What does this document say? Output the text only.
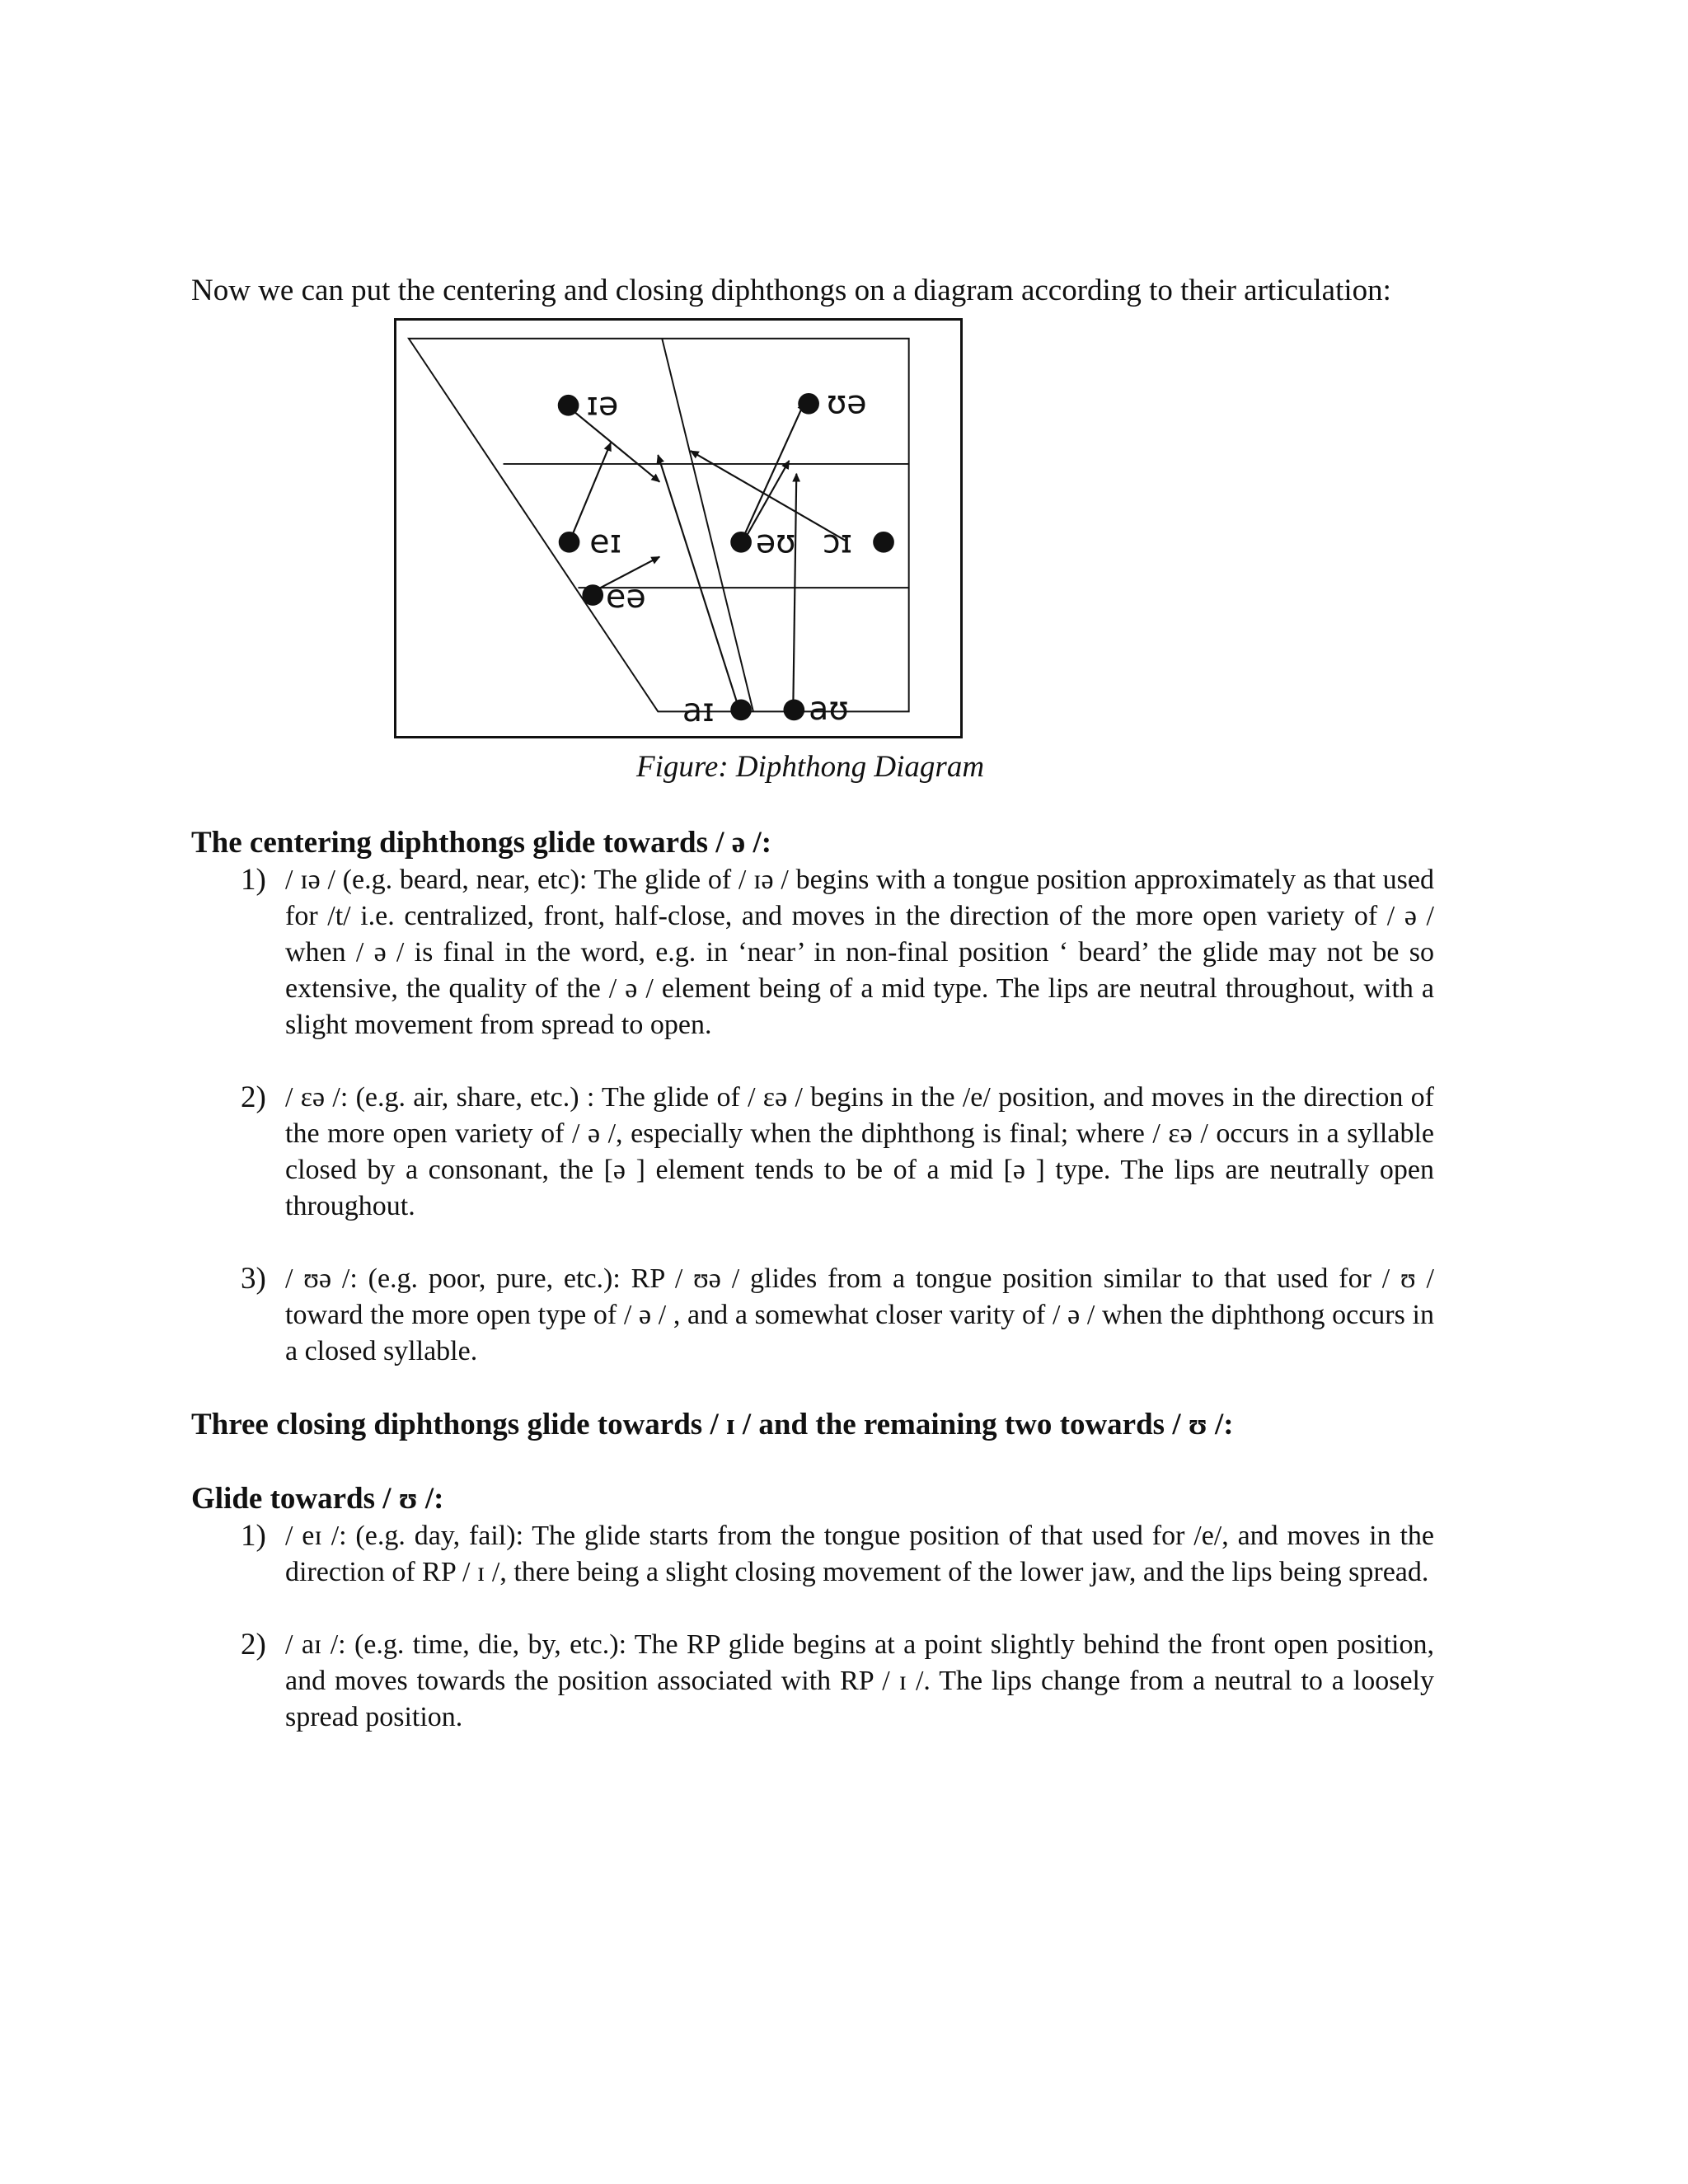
Now we can put the centering and closing diphthongs on a diagram according to their articulation:

ɪə	ʊə
eɪ	əʊ ɔɪ
eə
aɪ	aʊ

Figure: Diphthong Diagram

The centering diphthongs glide towards / ə /:

1) / ɪə / (e.g. beard, near, etc): The glide of / ɪə / begins with a tongue position approximately as that used for /t/ i.e. centralized, front, half-close, and moves in the direction of the more open variety of / ə / when / ə / is final in the word, e.g. in ‘near’ in non-final position ‘ beard’ the glide may not be so extensive, the quality of the / ə / element being of a mid type. The lips are neutral throughout, with a slight movement from spread to open.
2) / ɛə /: (e.g. air, share, etc.) : The glide of / ɛə / begins in the /e/ position, and moves in the direction of the more open variety of / ə /, especially when the diphthong is final; where / ɛə / occurs in a syllable closed by a consonant, the [ə ] element tends to be of a mid [ə ] type. The lips are neutrally open throughout.
3) / ʊə /: (e.g. poor, pure, etc.): RP / ʊə / glides from a tongue position similar to that used for / ʊ / toward the more open type of / ə / , and a somewhat closer varity of / ə / when the diphthong occurs in a closed syllable.

Three closing diphthongs glide towards / ɪ / and the remaining two towards / ʊ /:

Glide towards / ʊ /:

1) / eɪ /: (e.g. day, fail): The glide starts from the tongue position of that used for /e/, and moves in the direction of RP / ɪ /, there being a slight closing movement of the lower jaw, and the lips being spread.
2) / aɪ /: (e.g. time, die, by, etc.): The RP glide begins at a point slightly behind the front open position, and moves towards the position associated with RP / ɪ /. The lips change from a neutral to a loosely spread position.
